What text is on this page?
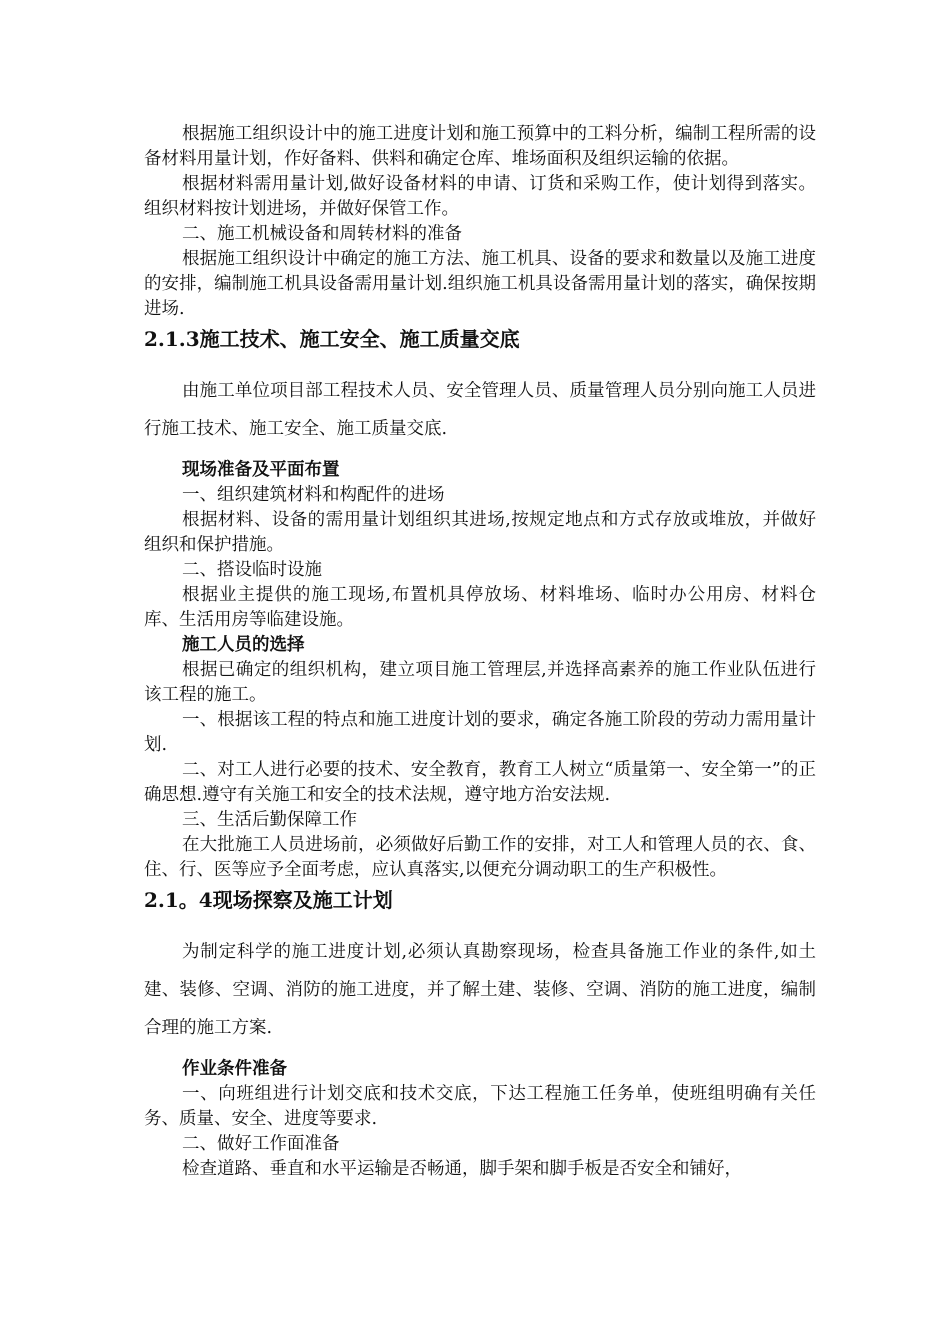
根据施工组织设计中的施工进度计划和施工预算中的工料分析，编制工程所需的设备材料用量计划，作好备料、供料和确定仓库、堆场面积及组织运输的依据。

根据材料需用量计划,做好设备材料的申请、订货和采购工作，使计划得到落实。组织材料按计划进场，并做好保管工作。

二、施工机械设备和周转材料的准备

根据施工组织设计中确定的施工方法、施工机具、设备的要求和数量以及施工进度的安排，编制施工机具设备需用量计划.组织施工机具设备需用量计划的落实，确保按期进场.

2.1.3施工技术、施工安全、施工质量交底

由施工单位项目部工程技术人员、安全管理人员、质量管理人员分别向施工人员进行施工技术、施工安全、施工质量交底.

现场准备及平面布置

一、组织建筑材料和构配件的进场

根据材料、设备的需用量计划组织其进场,按规定地点和方式存放或堆放，并做好组织和保护措施。

二、搭设临时设施

根据业主提供的施工现场,布置机具停放场、材料堆场、临时办公用房、材料仓库、生活用房等临建设施。

施工人员的选择

根据已确定的组织机构，建立项目施工管理层,并选择高素养的施工作业队伍进行该工程的施工。

一、根据该工程的特点和施工进度计划的要求，确定各施工阶段的劳动力需用量计划.

二、对工人进行必要的技术、安全教育，教育工人树立“质量第一、安全第一”的正确思想.遵守有关施工和安全的技术法规，遵守地方治安法规.

三、生活后勤保障工作

在大批施工人员进场前，必须做好后勤工作的安排，对工人和管理人员的衣、食、住、行、医等应予全面考虑，应认真落实,以便充分调动职工的生产积极性。

2.1。4现场探察及施工计划

为制定科学的施工进度计划,必须认真勘察现场，检查具备施工作业的条件,如土建、装修、空调、消防的施工进度，并了解土建、装修、空调、消防的施工进度，编制合理的施工方案.

作业条件准备

一、向班组进行计划交底和技术交底，下达工程施工任务单，使班组明确有关任务、质量、安全、进度等要求.

二、做好工作面准备

检查道路、垂直和水平运输是否畅通，脚手架和脚手板是否安全和铺好，
